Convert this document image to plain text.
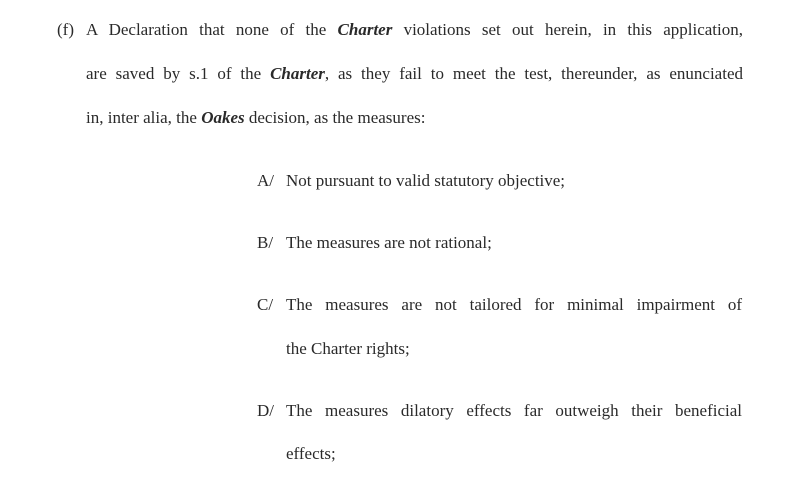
(f) A Declaration that none of the Charter violations set out herein, in this application,
are saved by s.1 of the Charter, as they fail to meet the test, thereunder, as enunciated
in, inter alia, the Oakes decision, as the measures:
A/ Not pursuant to valid statutory objective;
B/ The measures are not rational;
C/ The measures are not tailored for minimal impairment of
the Charter rights;
D/ The measures dilatory effects far outweigh their beneficial
effects;
